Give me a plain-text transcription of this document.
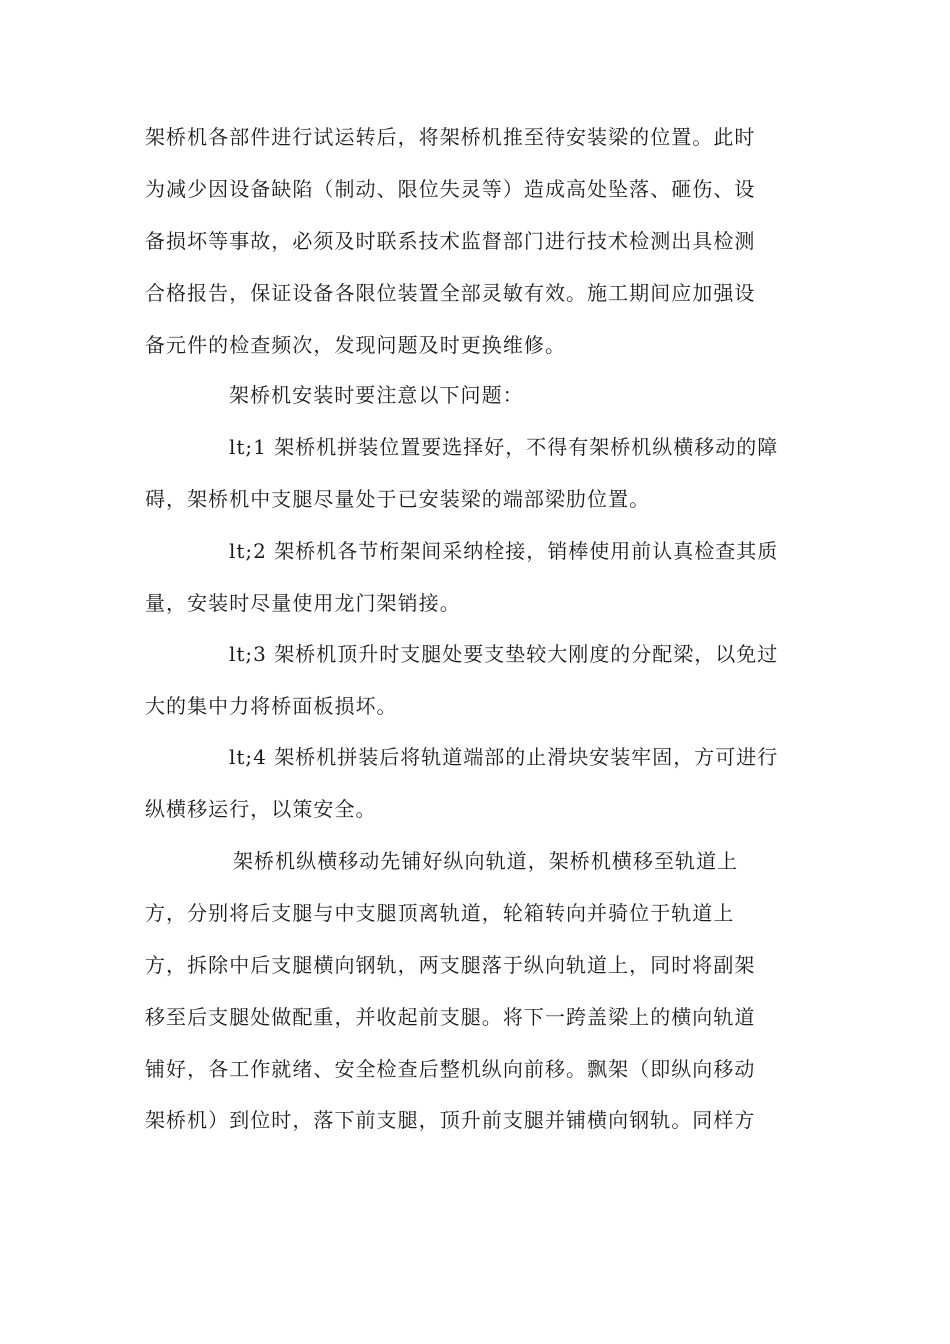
架桥机各部件进行试运转后，将架桥机推至待安装梁的位置。此时

为减少因设备缺陷（制动、限位失灵等）造成高处坠落、砸伤、设

备损坏等事故，必须及时联系技术监督部门进行技术检测出具检测

合格报告，保证设备各限位装置全部灵敏有效。施工期间应加强设

备元件的检查频次，发现问题及时更换维修。

架桥机安装时要注意以下问题：

lt;1 架桥机拼装位置要选择好，不得有架桥机纵横移动的障

碍，架桥机中支腿尽量处于已安装梁的端部梁肋位置。

lt;2 架桥机各节桁架间采纳栓接，销棒使用前认真检查其质

量，安装时尽量使用龙门架销接。

lt;3 架桥机顶升时支腿处要支垫较大刚度的分配梁，以免过

大的集中力将桥面板损坏。

lt;4 架桥机拼装后将轨道端部的止滑块安装牢固，方可进行

纵横移运行，以策安全。

架桥机纵横移动先铺好纵向轨道，架桥机横移至轨道上

方，分别将后支腿与中支腿顶离轨道，轮箱转向并骑位于轨道上

方，拆除中后支腿横向钢轨，两支腿落于纵向轨道上，同时将副架

移至后支腿处做配重，并收起前支腿。将下一跨盖梁上的横向轨道

铺好，各工作就绪、安全检查后整机纵向前移。飘架（即纵向移动

架桥机）到位时，落下前支腿，顶升前支腿并铺横向钢轨。同样方
